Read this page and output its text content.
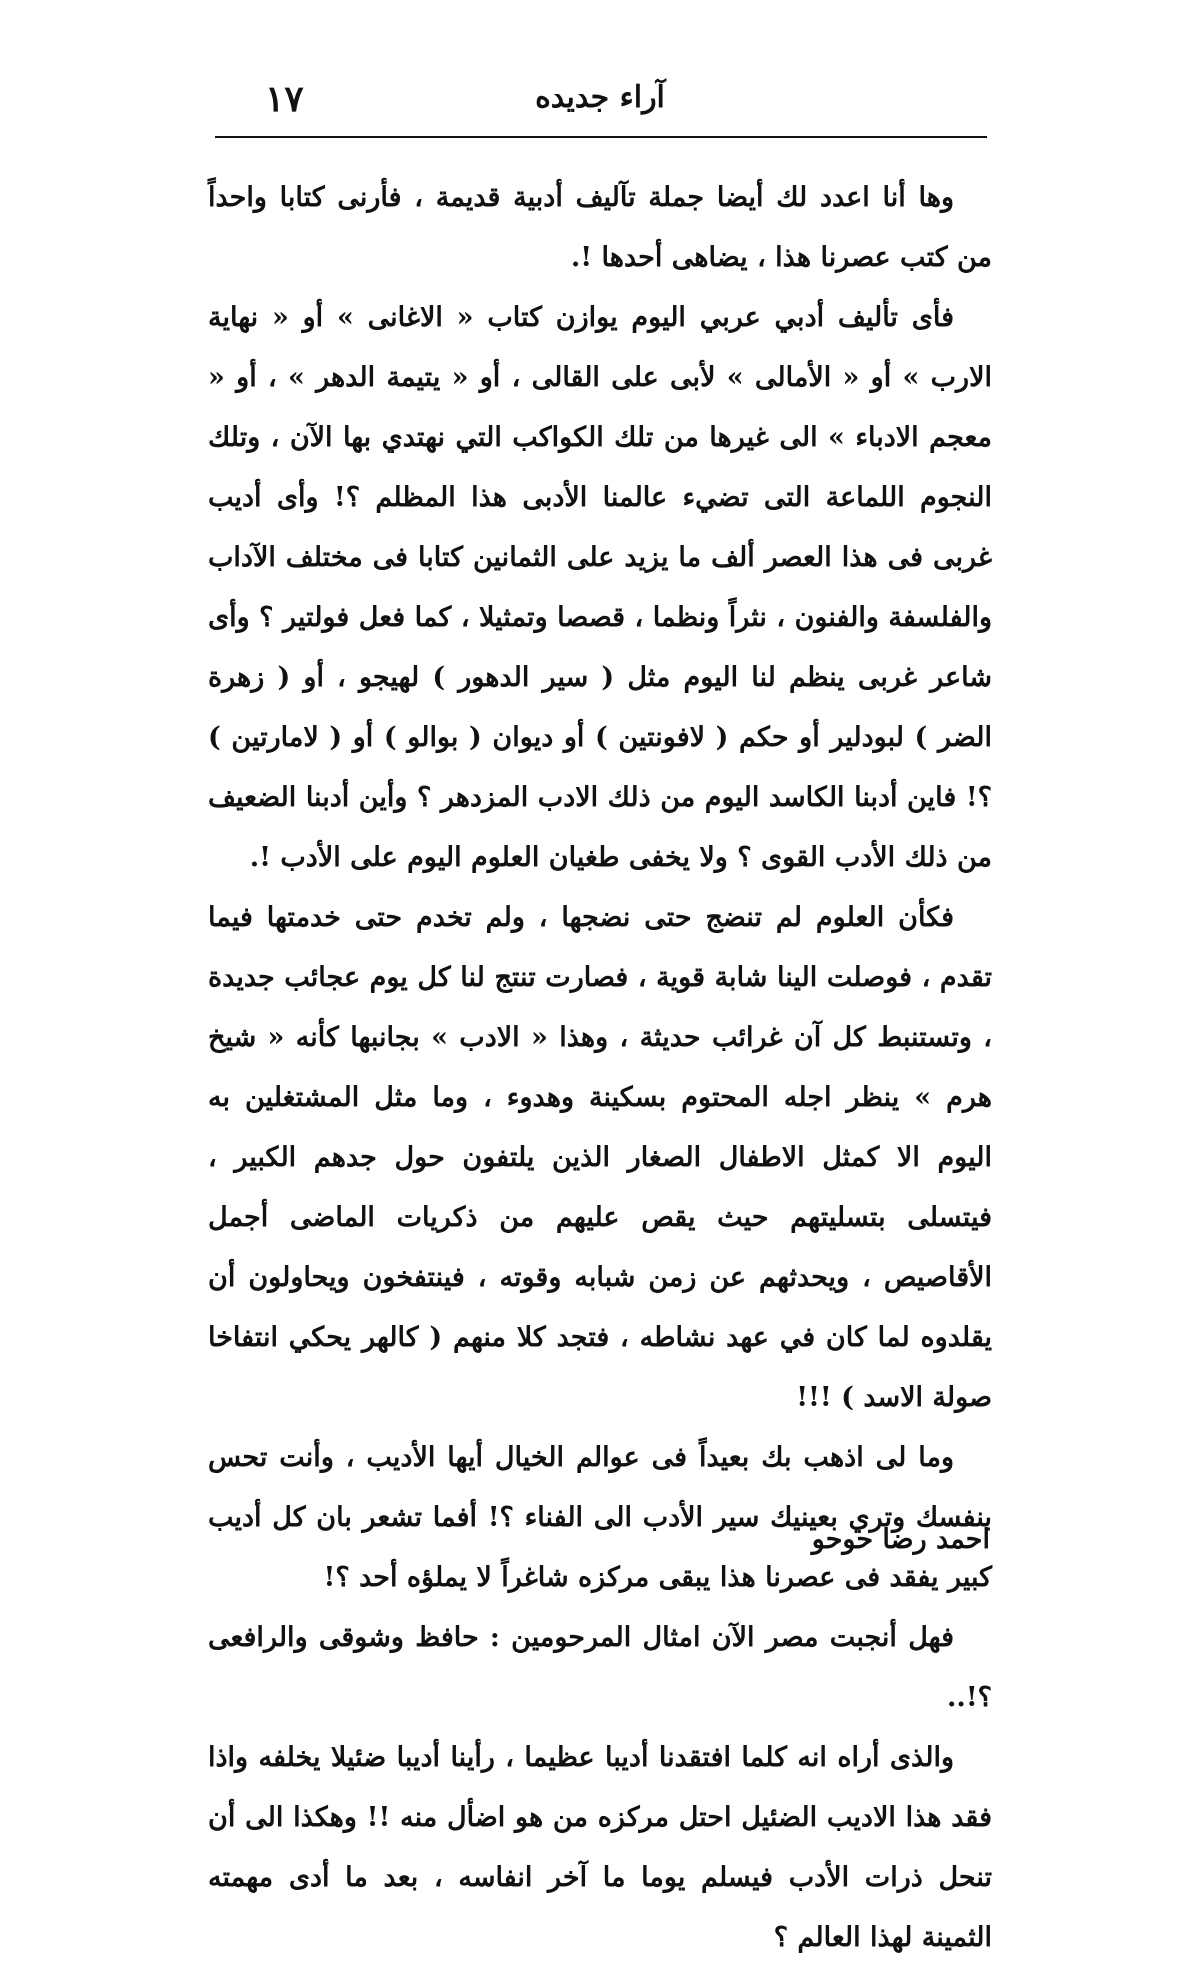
آراء جديده
١٧

وها أنا اعدد لك أيضا جملة تآليف أدبية قديمة ، فأرنى كتابا واحداً من كتب عصرنا هذا ، يضاهى أحدها !.

فأى تأليف أدبي عربي اليوم يوازن كتاب « الاغانى » أو « نهاية الارب » أو « الأمالى » لأبى على القالى ، أو « يتيمة الدهر » ، أو « معجم الادباء » الى غيرها من تلك الكواكب التي نهتدي بها الآن ، وتلك النجوم اللماعة التى تضيء عالمنا الأدبى هذا المظلم ؟! وأى أديب غربى فى هذا العصر ألف ما يزيد على الثمانين كتابا فى مختلف الآداب والفلسفة والفنون ، نثراً ونظما ، قصصا وتمثيلا ، كما فعل فولتير ؟ وأى شاعر غربى ينظم لنا اليوم مثل ( سير الدهور ) لهيجو ، أو ( زهرة الضر ) لبودلير أو حكم ( لافونتين ) أو ديوان ( بوالو ) أو ( لامارتين ) ؟! فاين أدبنا الكاسد اليوم من ذلك الادب المزدهر ؟ وأين أدبنا الضعيف من ذلك الأدب القوى ؟ ولا يخفى طغيان العلوم اليوم على الأدب !.

فكأن العلوم لم تنضج حتى نضجها ، ولم تخدم حتى خدمتها فيما تقدم ، فوصلت الينا شابة قوية ، فصارت تنتج لنا كل يوم عجائب جديدة ، وتستنبط كل آن غرائب حديثة ، وهذا « الادب » بجانبها كأنه « شيخ هرم » ينظر اجله المحتوم بسكينة وهدوء ، وما مثل المشتغلين به اليوم الا كمثل الاطفال الصغار الذين يلتفون حول جدهم الكبير ، فيتسلى بتسليتهم حيث يقص عليهم من ذكريات الماضى أجمل الأقاصيص ، ويحدثهم عن زمن شبابه وقوته ، فينتفخون ويحاولون أن يقلدوه لما كان في عهد نشاطه ، فتجد كلا منهم ( كالهر يحكي انتفاخا صولة الاسد ) !!!

وما لى اذهب بك بعيداً فى عوالم الخيال أيها الأديب ، وأنت تحس بنفسك وتري بعينيك سير الأدب الى الفناء ؟! أفما تشعر بان كل أديب كبير يفقد فى عصرنا هذا يبقى مركزه شاغراً لا يملؤه أحد ؟!

فهل أنجبت مصر الآن امثال المرحومين : حافظ وشوقى والرافعى ؟!..

والذى أراه انه كلما افتقدنا أديبا عظيما ، رأينا أديبا ضئيلا يخلفه واذا فقد هذا الاديب الضئيل احتل مركزه من هو اضأل منه !! وهكذا الى أن تنحل ذرات الأدب فيسلم يوما ما آخر انفاسه ، بعد ما أدى مهمته الثمينة لهذا العالم ؟

احمد رضا حوحو
